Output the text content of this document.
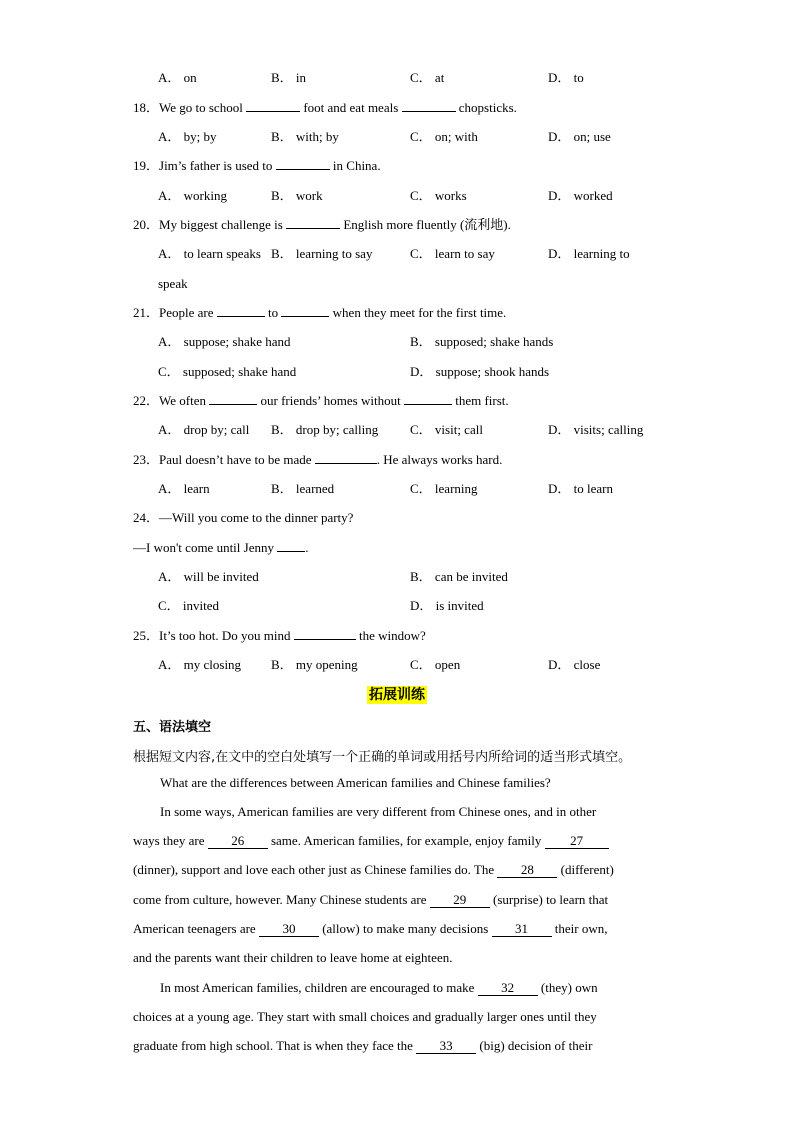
A． on	B． in	C． at	D． to
18．We go to school	foot and eat meals	chopsticks.
A． by; by	B． with; by	C． on; with	D． on; use
19．Jim’s father is used to	in China.
A． working	B． work	C． works	D． worked
20．My biggest challenge is	English more fluently (流利地).
A． to learn speaks B． learning to say	C． learn to say	D． learning to
speak
21．People are	to	when they meet for the first time.
A． suppose; shake hand	B． supposed; shake hands
C． supposed; shake hand	D． suppose; shook hands
22．We often	our friends’ homes without	them first.
A． drop by; call B． drop by; calling C． visit; call	D． visits; calling
23．Paul doesn’t have to be made	. He always works hard.
A． learn	B． learned	C． learning	D． to learn
24．—Will you come to the dinner party?
—I won't come until Jenny .
A． will be invited	B． can be invited
C． invited	D． is invited
25．It’s too hot. Do you mind	the window?
A． my closing B． my opening	C． open	D． close
拓展训练
五、语法填空
根据短文内容,在文中的空白处填写一个正确的单词或用括号内所给词的适当形式填空。
What are the differences between American families and Chinese families?
In some ways, American families are very different from Chinese ones, and in other
ways they are 26 same. American families, for example, enjoy family 27
(dinner), support and love each other just as Chinese families do. The 28 (different)
come from culture, however. Many Chinese students are 29 (surprise) to learn that
American teenagers are 30 (allow) to make many decisions 31 their own,
and the parents want their children to leave home at eighteen.
In most American families, children are encouraged to make 32 (they) own
choices at a young age. They start with small choices and gradually larger ones until they
graduate from high school. That is when they face the 33 (big) decision of their
